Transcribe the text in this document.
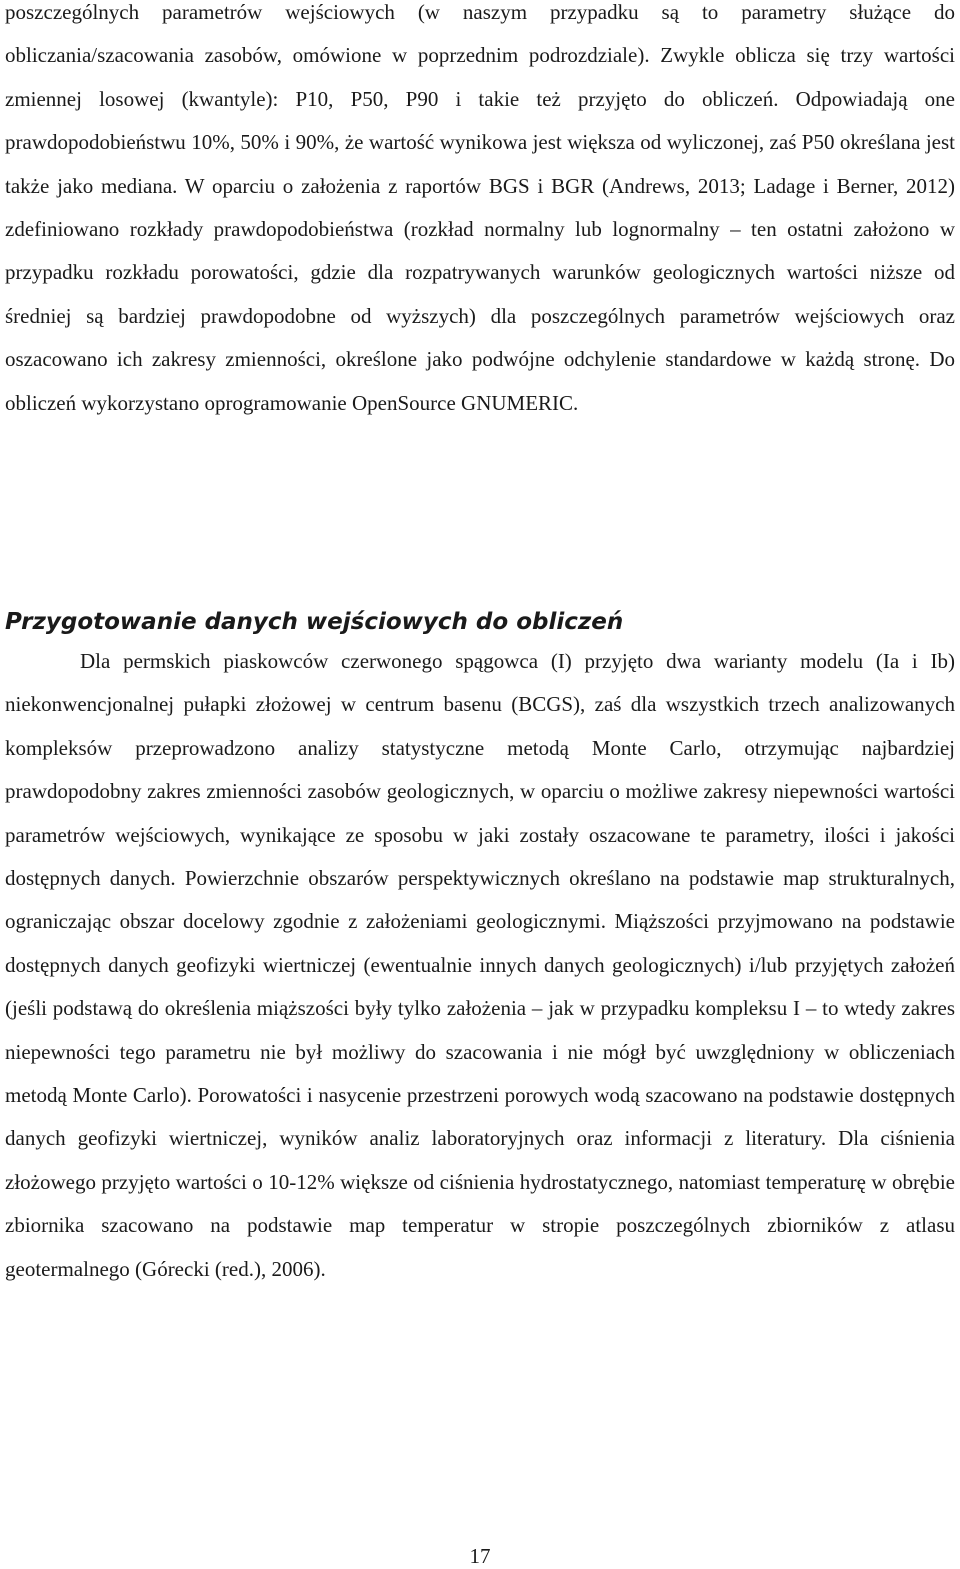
poszczególnych parametrów wejściowych (w naszym przypadku są to parametry służące do obliczania/szacowania zasobów, omówione w poprzednim podrozdziale). Zwykle oblicza się trzy wartości zmiennej losowej (kwantyle): P10, P50, P90 i takie też przyjęto do obliczeń. Odpowiadają one prawdopodobieństwu 10%, 50% i 90%, że wartość wynikowa jest większa od wyliczonej, zaś P50 określana jest także jako mediana. W oparciu o założenia z raportów BGS i BGR (Andrews, 2013; Ladage i Berner, 2012) zdefiniowano rozkłady prawdopodobieństwa (rozkład normalny lub lognormalny – ten ostatni założono w przypadku rozkładu porowatości, gdzie dla rozpatrywanych warunków geologicznych wartości niższe od średniej są bardziej prawdopodobne od wyższych) dla poszczególnych parametrów wejściowych oraz oszacowano ich zakresy zmienności, określone jako podwójne odchylenie standardowe w każdą stronę. Do obliczeń wykorzystano oprogramowanie OpenSource GNUMERIC.

Przygotowanie danych wejściowych do obliczeń

Dla permskich piaskowców czerwonego spągowca (I) przyjęto dwa warianty modelu (Ia i Ib) niekonwencjonalnej pułapki złożowej w centrum basenu (BCGS), zaś dla wszystkich trzech analizowanych kompleksów przeprowadzono analizy statystyczne metodą Monte Carlo, otrzymując najbardziej prawdopodobny zakres zmienności zasobów geologicznych, w oparciu o możliwe zakresy niepewności wartości parametrów wejściowych, wynikające ze sposobu w jaki zostały oszacowane te parametry, ilości i jakości dostępnych danych. Powierzchnie obszarów perspektywicznych określano na podstawie map strukturalnych, ograniczając obszar docelowy zgodnie z założeniami geologicznymi. Miąższości przyjmowano na podstawie dostępnych danych geofizyki wiertniczej (ewentualnie innych danych geologicznych) i/lub przyjętych założeń (jeśli podstawą do określenia miąższości były tylko założenia – jak w przypadku kompleksu I – to wtedy zakres niepewności tego parametru nie był możliwy do szacowania i nie mógł być uwzględniony w obliczeniach metodą Monte Carlo). Porowatości i nasycenie przestrzeni porowych wodą szacowano na podstawie dostępnych danych geofizyki wiertniczej, wyników analiz laboratoryjnych oraz informacji z literatury. Dla ciśnienia złożowego przyjęto wartości o 10-12% większe od ciśnienia hydrostatycznego, natomiast temperaturę w obrębie zbiornika szacowano na podstawie map temperatur w stropie poszczególnych zbiorników z atlasu geotermalnego (Górecki (red.), 2006).

17
